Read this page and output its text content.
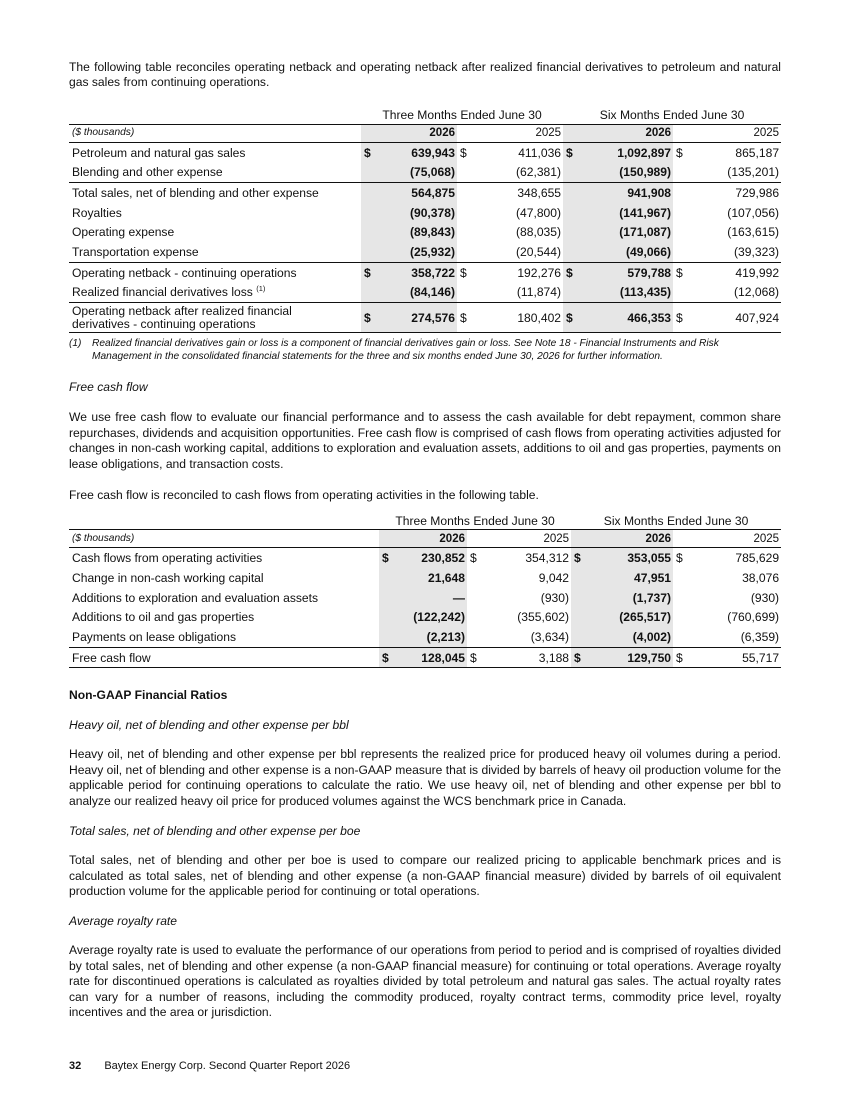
The following table reconciles operating netback and operating netback after realized financial derivatives to petroleum and natural gas sales from continuing operations.

	Three Months Ended June 30				Six Months Ended June 30			
($ thousands)		2026		2025		2026		2025
Petroleum and natural gas sales	$	639,943	$	411,036	$	1,092,897	$	865,187
Blending and other expense		(75,068)		(62,381)		(150,989)		(135,201)
Total sales, net of blending and other expense		564,875		348,655		941,908		729,986
Royalties		(90,378)		(47,800)		(141,967)		(107,056)
Operating expense		(89,843)		(88,035)		(171,087)		(163,615)
Transportation expense		(25,932)		(20,544)		(49,066)		(39,323)
Operating netback - continuing operations	$	358,722	$	192,276	$	579,788	$	419,992
Realized financial derivatives loss $^{(1)}$		(84,146)		(11,874)		(113,435)		(12,068)

Operating netback after realized financial
derivatives - continuing operations	$	274,576	$	180,402	$	466,353	$	407,924
(1)	Realized financial derivatives gain or loss is a component of financial derivatives gain or loss. See Note 18 - Financial Instruments and Risk Management in the consolidated financial statements for the three and six months ended June 30, 2026 for further information.

Free cash flow

We use free cash flow to evaluate our financial performance and to assess the cash available for debt repayment, common share repurchases, dividends and acquisition opportunities. Free cash flow is comprised of cash flows from operating activities adjusted for changes in non-cash working capital, additions to exploration and evaluation assets, additions to oil and gas properties, payments on lease obligations, and transaction costs.

Free cash flow is reconciled to cash flows from operating activities in the following table.

	Three Months Ended June 30				Six Months Ended June 30			
($ thousands)		2026		2025		2026		2025
Cash flows from operating activities	$	230,852	$	354,312	$	353,055	$	785,629
Change in non-cash working capital		21,648		9,042		47,951		38,076
Additions to exploration and evaluation assets		—		(930)		(1,737)		(930)
Additions to oil and gas properties		(122,242)		(355,602)		(265,517)		(760,699)
Payments on lease obligations		(2,213)		(3,634)		(4,002)		(6,359)
Free cash flow	$	128,045	$	3,188	$	129,750	$	55,717

Non-GAAP Financial Ratios

Heavy oil, net of blending and other expense per bbl

Heavy oil, net of blending and other expense per bbl represents the realized price for produced heavy oil volumes during a period. Heavy oil, net of blending and other expense is a non-GAAP measure that is divided by barrels of heavy oil production volume for the applicable period for continuing operations to calculate the ratio. We use heavy oil, net of blending and other expense per bbl to analyze our realized heavy oil price for produced volumes against the WCS benchmark price in Canada.

Total sales, net of blending and other expense per boe

Total sales, net of blending and other per boe is used to compare our realized pricing to applicable benchmark prices and is calculated as total sales, net of blending and other expense (a non-GAAP financial measure) divided by barrels of oil equivalent production volume for the applicable period for continuing or total operations.

Average royalty rate

Average royalty rate is used to evaluate the performance of our operations from period to period and is comprised of royalties divided by total sales, net of blending and other expense (a non-GAAP financial measure) for continuing or total operations. Average royalty rate for discontinued operations is calculated as royalties divided by total petroleum and natural gas sales. The actual royalty rates can vary for a number of reasons, including the commodity produced, royalty contract terms, commodity price level, royalty incentives and the area or jurisdiction.

32 Baytex Energy Corp. Second Quarter Report 2026
